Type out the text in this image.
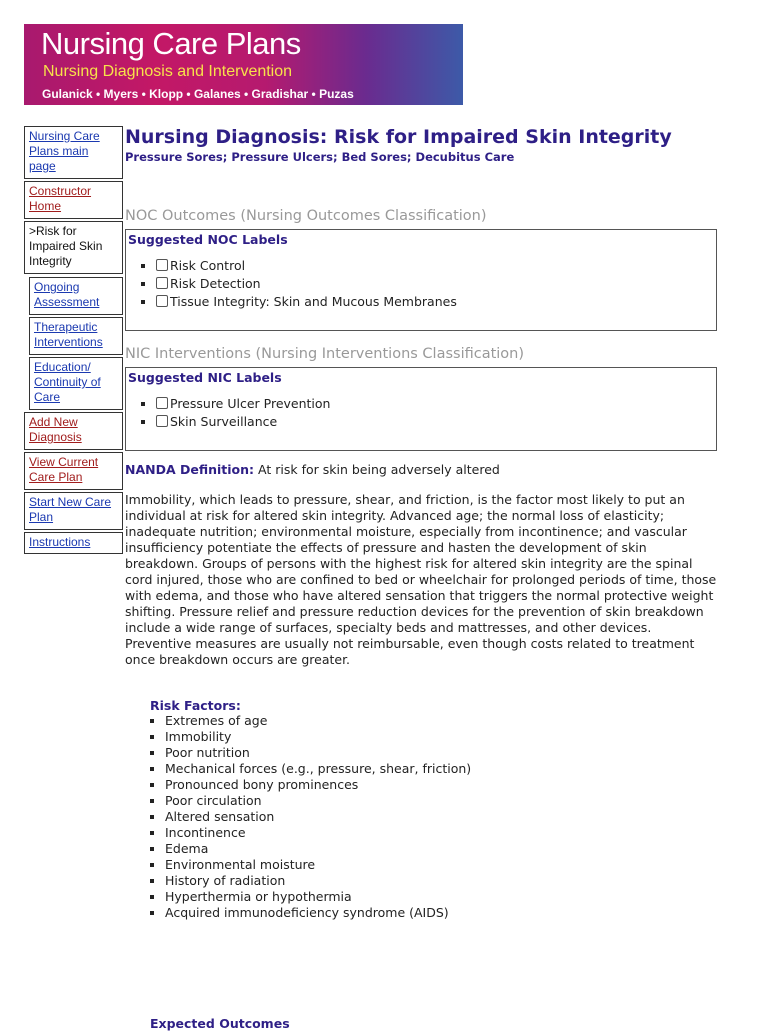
Nursing Care Plans
Nursing Diagnosis and Intervention
Gulanick • Myers • Klopp • Galanes • Gradishar • Puzas
Nursing Care Plans main page
Constructor Home
>Risk for Impaired Skin Integrity
Ongoing Assessment
Therapeutic Interventions
Education/ Continuity of Care
Add New Diagnosis
View Current Care Plan
Start New Care Plan
Instructions
Nursing Diagnosis: Risk for Impaired Skin Integrity
Pressure Sores; Pressure Ulcers; Bed Sores; Decubitus Care
NOC Outcomes (Nursing Outcomes Classification)
Suggested NOC Labels
▪ Risk Control
▪ Risk Detection
▪ Tissue Integrity: Skin and Mucous Membranes
NIC Interventions (Nursing Interventions Classification)
Suggested NIC Labels
▪ Pressure Ulcer Prevention
▪ Skin Surveillance
NANDA Definition: At risk for skin being adversely altered
Immobility, which leads to pressure, shear, and friction, is the factor most likely to put an individual at risk for altered skin integrity. Advanced age; the normal loss of elasticity; inadequate nutrition; environmental moisture, especially from incontinence; and vascular insufficiency potentiate the effects of pressure and hasten the development of skin breakdown. Groups of persons with the highest risk for altered skin integrity are the spinal cord injured, those who are confined to bed or wheelchair for prolonged periods of time, those with edema, and those who have altered sensation that triggers the normal protective weight shifting. Pressure relief and pressure reduction devices for the prevention of skin breakdown include a wide range of surfaces, specialty beds and mattresses, and other devices. Preventive measures are usually not reimbursable, even though costs related to treatment once breakdown occurs are greater.
Risk Factors:
▪ Extremes of age
▪ Immobility
▪ Poor nutrition
▪ Mechanical forces (e.g., pressure, shear, friction)
▪ Pronounced bony prominences
▪ Poor circulation
▪ Altered sensation
▪ Incontinence
▪ Edema
▪ Environmental moisture
▪ History of radiation
▪ Hyperthermia or hypothermia
▪ Acquired immunodeficiency syndrome (AIDS)
Expected Outcomes
